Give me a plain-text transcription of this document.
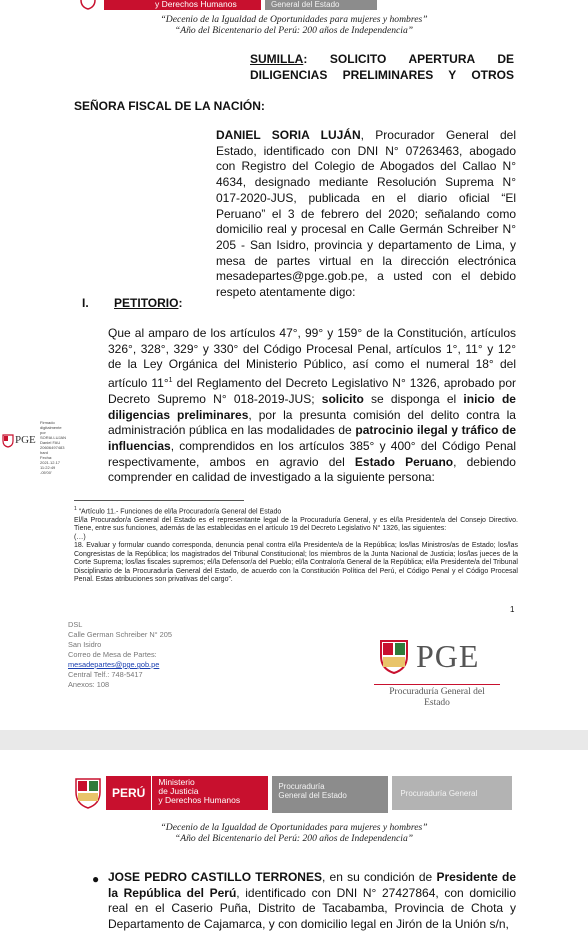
y Derechos Humanos	General del Estado
“Decenio de la Igualdad de Oportunidades para mujeres y hombres”
“Año del Bicentenario del Perú: 200 años de Independencia”
SUMILLA: SOLICITO APERTURA DE
DILIGENCIAS PRELIMINARES Y OTROS
SEÑORA FISCAL DE LA NACIÓN:
DANIEL SORIA LUJÁN, Procurador General del Estado, identificado con DNI N° 07263463, abogado con Registro del Colegio de Abogados del Callao N° 4634, designado mediante Resolución Suprema N° 017-2020-JUS, publicada en el diario oficial “El Peruano” el 3 de febrero del 2020; señalando como domicilio real y procesal en Calle Germán Schreiber N° 205 - San Isidro, provincia y departamento de Lima, y mesa de partes virtual en la dirección electrónica mesadepartes@pge.gob.pe, a usted con el debido respeto atentamente digo:
I. PETITORIO:
Que al amparo de los artículos 47°, 99° y 159° de la Constitución, artículos 326°, 328°, 329° y 330° del Código Procesal Penal, artículos 1°, 11° y 12° de la Ley Orgánica del Ministerio Público, así como el numeral 18° del artículo 11°$^1$ del Reglamento del Decreto Legislativo N° 1326, aprobado por Decreto Supremo N° 018-2019-JUS; solicito se disponga el inicio de diligencias preliminares, por la presunta comisión del delito contra la administración pública en las modalidades de patrocinio ilegal y tráfico de influencias, comprendidos en los artículos 385° y 400° del Código Penal respectivamente, ambos en agravio del Estado Peruano, debiendo comprender en calidad de investigado a la siguiente persona:
PGE
Firmado
digitalmente por
SORIA LUJAN
Daniel FAU
20606497483 hard
Fecha: 2021.12.17
11:22:49 -05'00'
$^1$ “Artículo 11.- Funciones de el/la Procurador/a General del Estado
El/la Procurador/a General del Estado es el representante legal de la Procuraduría General, y es el/la Presidente/a del Consejo Directivo. Tiene, entre sus funciones, además de las establecidas en el artículo 19 del Decreto Legislativo N° 1326, las siguientes:
(…)
18. Evaluar y formular cuando corresponda, denuncia penal contra el/la Presidente/a de la República; los/las Ministros/as de Estado; los/las Congresistas de la República; los magistrados del Tribunal Constitucional; los miembros de la Junta Nacional de Justicia; los/las jueces de la Corte Suprema; los/las fiscales supremos; el/la Defensor/a del Pueblo; el/la Contralor/a General de la República; el/la Presidente/a del Tribunal Disciplinario de la Procuraduría General del Estado, de acuerdo con la Constitución Política del Perú, el Código Penal y el Código Procesal Penal. Estas atribuciones son privativas del cargo”.
1
DSL
Calle German Schreiber N° 205
San Isidro
Correo de Mesa de Partes:
mesadepartes@pge.gob.pe
Central Telf.: 748-5417
Anexos: 108
PGE
Procuraduría General del
Estado
PERÚ
Ministerio
de Justicia
y Derechos Humanos
Procuraduría
General del Estado	Procuraduría General
“Decenio de la Igualdad de Oportunidades para mujeres y hombres”
“Año del Bicentenario del Perú: 200 años de Independencia”
● JOSE PEDRO CASTILLO TERRONES, en su condición de Presidente de la República del Perú, identificado con DNI N° 27427864, con domicilio real en el Caserio Puña, Distrito de Tacabamba, Provincia de Chota y Departamento de Cajamarca, y con domicilio legal en Jirón de la Unión s/n,
